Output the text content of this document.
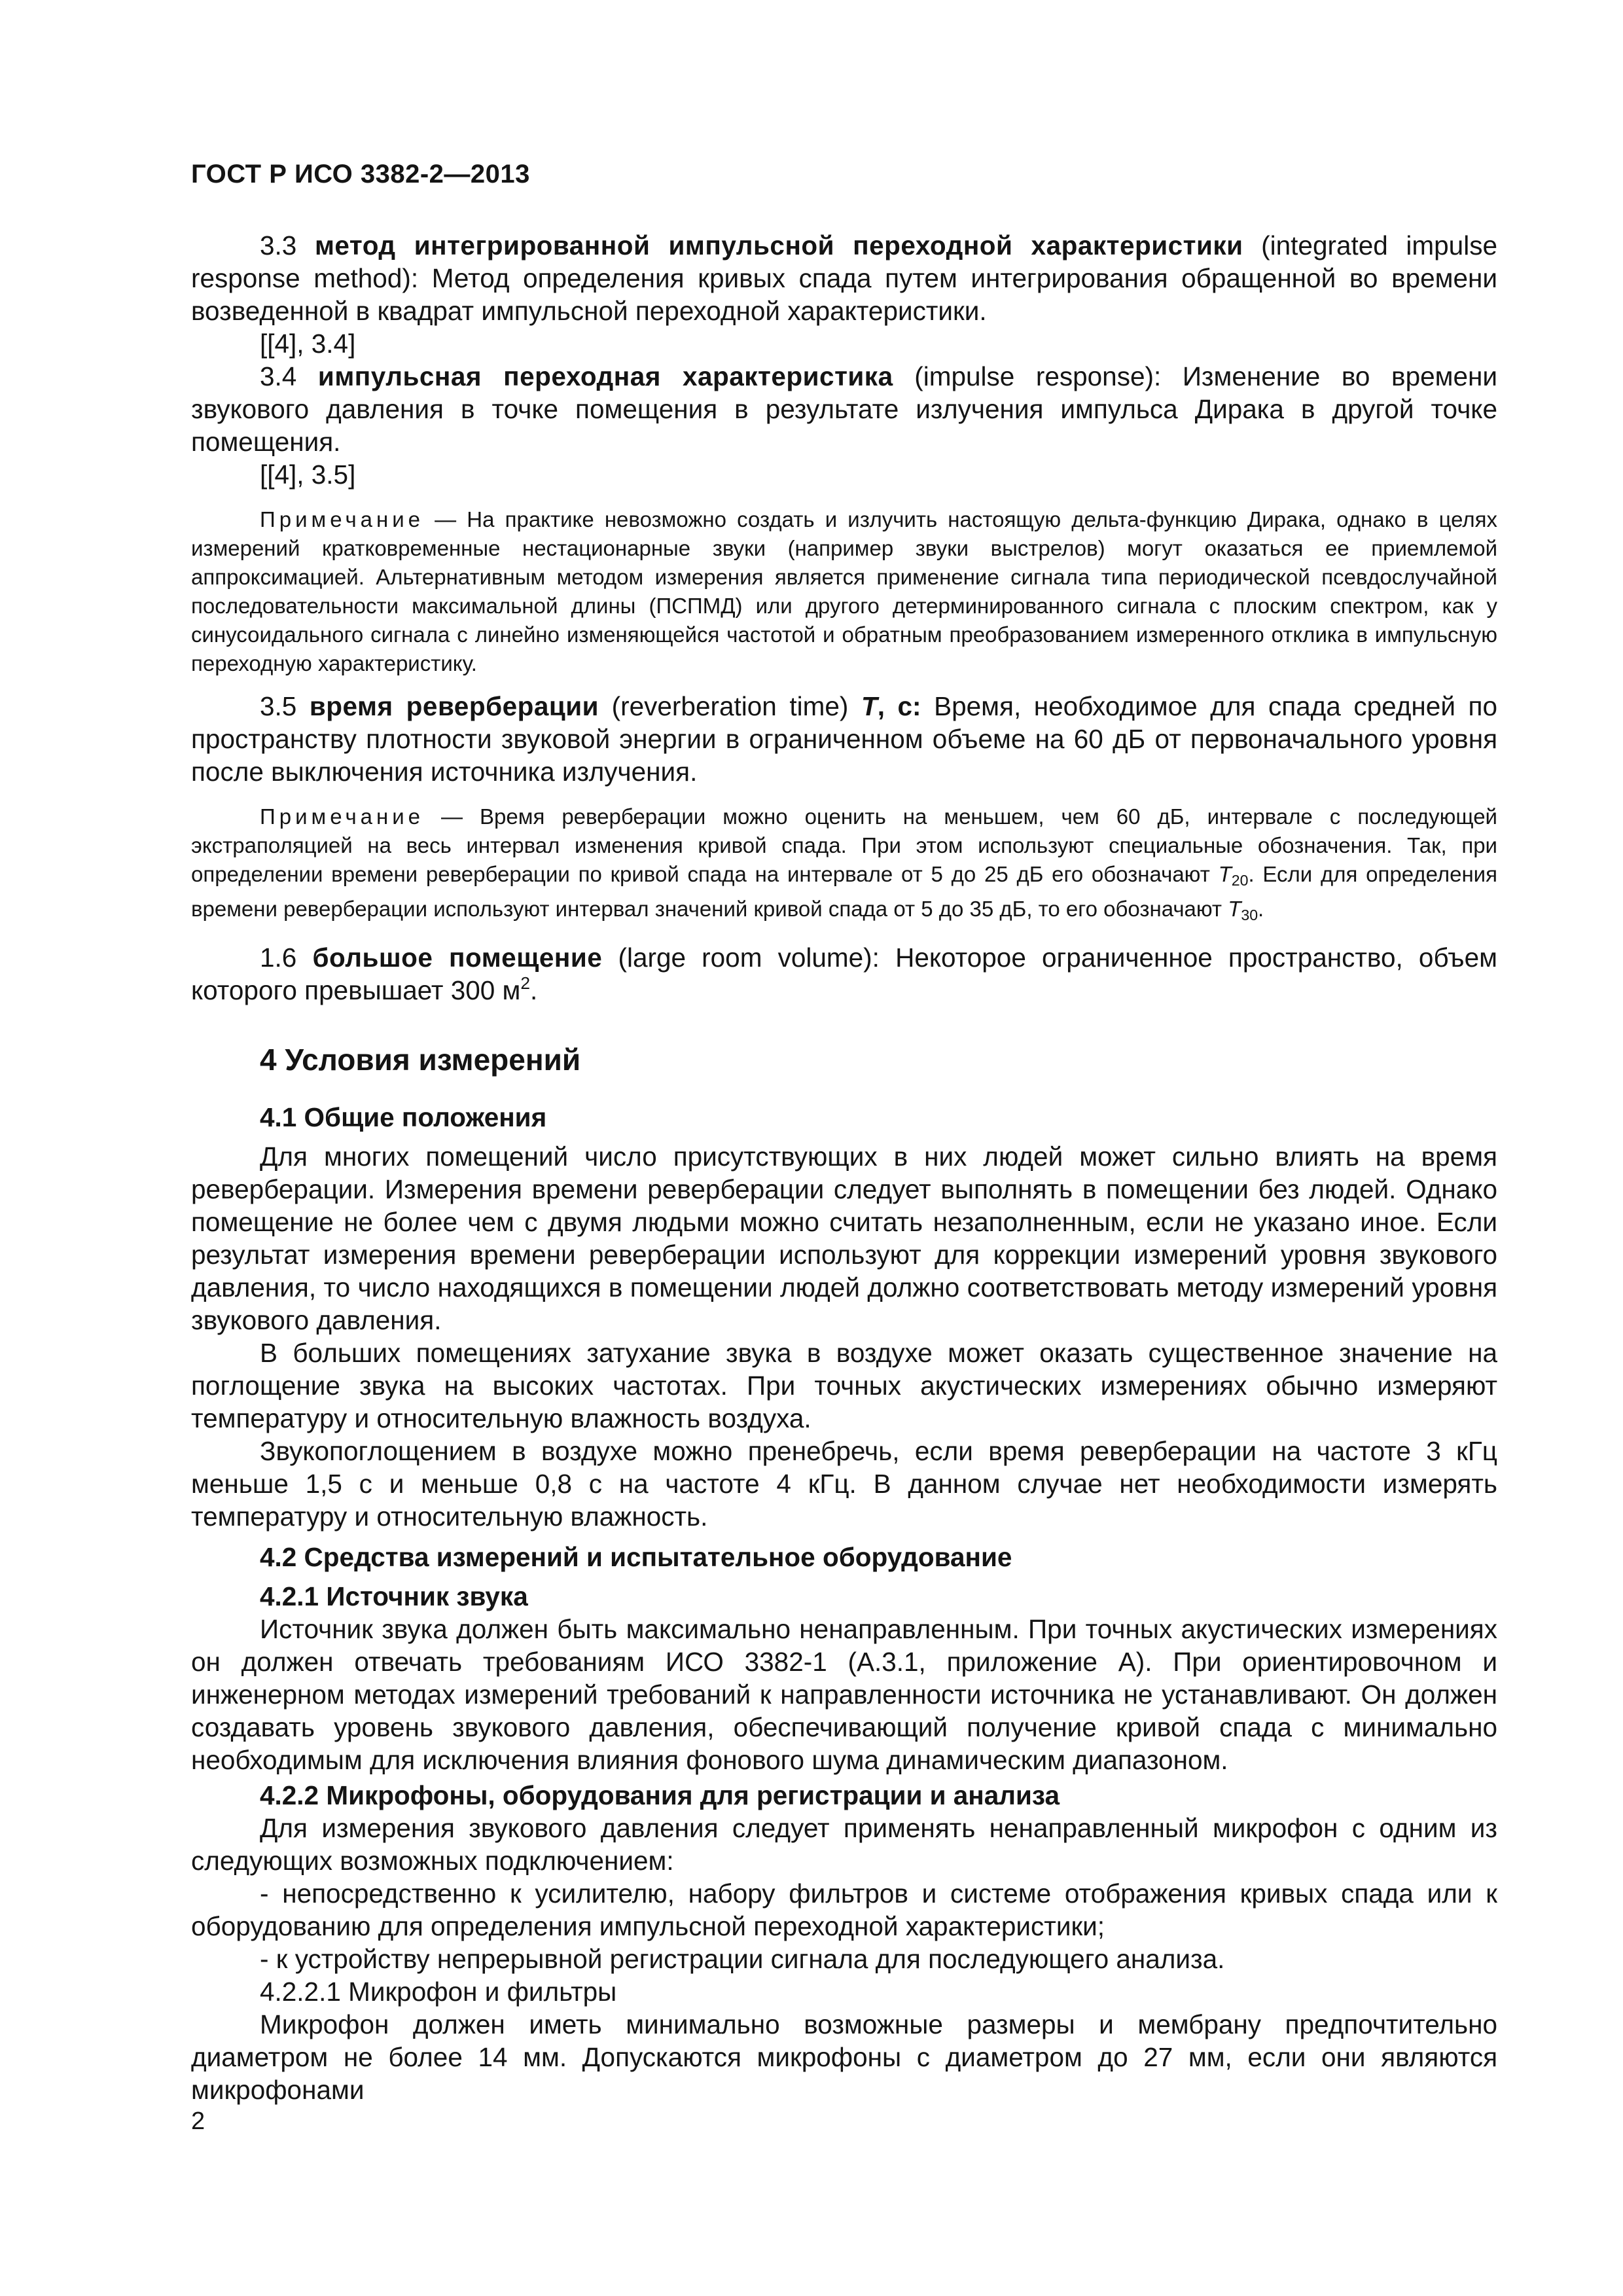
ГОСТ Р ИСО 3382-2—2013

3.3 метод интегрированной импульсной переходной характеристики (integrated impulse response method): Метод определения кривых спада путем интегрирования обращенной во времени возведенной в квадрат импульсной переходной характеристики.

[[4], 3.4]

3.4 импульсная переходная характеристика (impulse response): Изменение во времени звукового давления в точке помещения в результате излучения импульса Дирака в другой точке помещения.

[[4], 3.5]

Примечание — На практике невозможно создать и излучить настоящую дельта-функцию Дирака, однако в целях измерений кратковременные нестационарные звуки (например звуки выстрелов) могут оказаться ее приемлемой аппроксимацией. Альтернативным методом измерения является применение сигнала типа периодической псевдослучайной последовательности максимальной длины (ПСПМД) или другого детерминированного сигнала с плоским спектром, как у синусоидального сигнала с линейно изменяющейся частотой и обратным преобразованием измеренного отклика в импульсную переходную характеристику.

3.5 время реверберации (reverberation time) T, с: Время, необходимое для спада средней по пространству плотности звуковой энергии в ограниченном объеме на 60 дБ от первоначального уровня после выключения источника излучения.

Примечание — Время реверберации можно оценить на меньшем, чем 60 дБ, интервале с последующей экстраполяцией на весь интервал изменения кривой спада. При этом используют специальные обозначения. Так, при определении времени реверберации по кривой спада на интервале от 5 до 25 дБ его обозначают $T_{20}$. Если для определения времени реверберации используют интервал значений кривой спада от 5 до 35 дБ, то его обозначают $T_{30}$.

1.6 большое помещение (large room volume): Некоторое ограниченное пространство, объем которого превышает 300 $м^2$.

4 Условия измерений
4.1 Общие положения

Для многих помещений число присутствующих в них людей может сильно влиять на время реверберации. Измерения времени реверберации следует выполнять в помещении без людей. Однако помещение не более чем с двумя людьми можно считать незаполненным, если не указано иное. Если результат измерения времени реверберации используют для коррекции измерений уровня звукового давления, то число находящихся в помещении людей должно соответствовать методу измерений уровня звукового давления.

В больших помещениях затухание звука в воздухе может оказать существенное значение на поглощение звука на высоких частотах. При точных акустических измерениях обычно измеряют температуру и относительную влажность воздуха.

Звукопоглощением в воздухе можно пренебречь, если время реверберации на частоте 3 кГц меньше 1,5 с и меньше 0,8 с на частоте 4 кГц. В данном случае нет необходимости измерять температуру и относительную влажность.

4.2 Средства измерений и испытательное оборудование
4.2.1 Источник звука

Источник звука должен быть максимально ненаправленным. При точных акустических измерениях он должен отвечать требованиям ИСО 3382-1 (А.3.1, приложение А). При ориентировочном и инженерном методах измерений требований к направленности источника не устанавливают. Он должен создавать уровень звукового давления, обеспечивающий получение кривой спада с минимально необходимым для исключения влияния фонового шума динамическим диапазоном.

4.2.2 Микрофоны, оборудования для регистрации и анализа

Для измерения звукового давления следует применять ненаправленный микрофон с одним из следующих возможных подключением:

- непосредственно к усилителю, набору фильтров и системе отображения кривых спада или к оборудованию для определения импульсной переходной характеристики;

- к устройству непрерывной регистрации сигнала для последующего анализа.

4.2.2.1 Микрофон и фильтры

Микрофон должен иметь минимально возможные размеры и мембрану предпочтительно диаметром не более 14 мм. Допускаются микрофоны с диаметром до 27 мм, если они являются микрофонами

2
